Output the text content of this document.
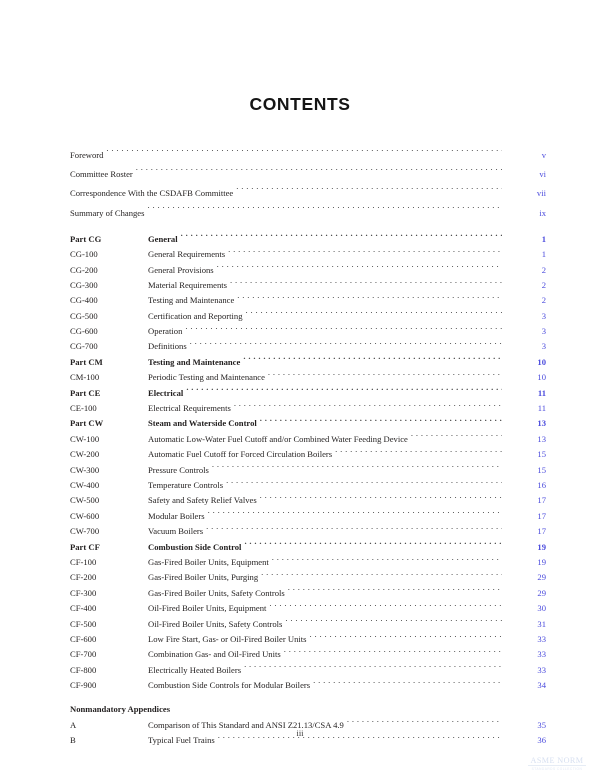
CONTENTS
Foreword . . .	v
Committee Roster . . .	vi
Correspondence With the CSDAFB Committee . . .	vii
Summary of Changes . . .	ix
Part CG	General . . .	1
CG-100	General Requirements . . .	1
CG-200	General Provisions . . .	2
CG-300	Material Requirements . . .	2
CG-400	Testing and Maintenance . . .	2
CG-500	Certification and Reporting . . .	3
CG-600	Operation . . .	3
CG-700	Definitions . . .	3
Part CM	Testing and Maintenance . . .	10
CM-100	Periodic Testing and Maintenance . . .	10
Part CE	Electrical . . .	11
CE-100	Electrical Requirements . . .	11
Part CW	Steam and Waterside Control . . .	13
CW-100	Automatic Low-Water Fuel Cutoff and/or Combined Water Feeding Device . . .	13
CW-200	Automatic Fuel Cutoff for Forced Circulation Boilers . . .	15
CW-300	Pressure Controls . . .	15
CW-400	Temperature Controls . . .	16
CW-500	Safety and Safety Relief Valves . . .	17
CW-600	Modular Boilers . . .	17
CW-700	Vacuum Boilers . . .	17
Part CF	Combustion Side Control . . .	19
CF-100	Gas-Fired Boiler Units, Equipment . . .	19
CF-200	Gas-Fired Boiler Units, Purging . . .	29
CF-300	Gas-Fired Boiler Units, Safety Controls . . .	29
CF-400	Oil-Fired Boiler Units, Equipment . . .	30
CF-500	Oil-Fired Boiler Units, Safety Controls . . .	31
CF-600	Low Fire Start, Gas- or Oil-Fired Boiler Units . . .	33
CF-700	Combination Gas- and Oil-Fired Units . . .	33
CF-800	Electrically Heated Boilers . . .	33
CF-900	Combustion Side Controls for Modular Boilers . . .	34
Nonmandatory Appendices
A	Comparison of This Standard and ANSI Z21.13/CSA 4.9 . . .	35
B	Typical Fuel Trains . . .	36
iii
ASME NORM
STANDARDS COLLECTION
